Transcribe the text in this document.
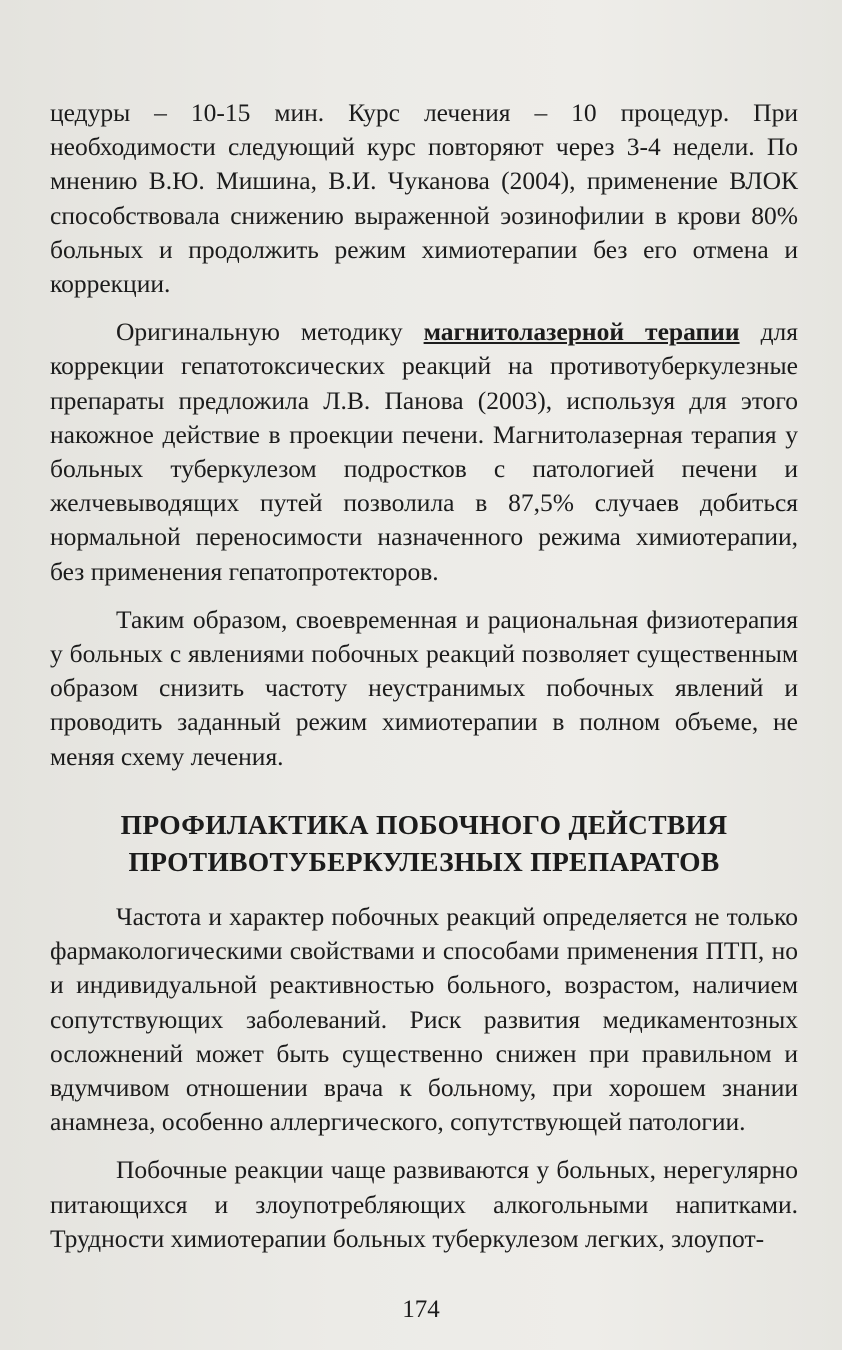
цедуры – 10-15 мин. Курс лечения – 10 процедур. При необходимости следующий курс повторяют через 3-4 недели. По мнению В.Ю. Мишина, В.И. Чуканова (2004), применение ВЛОК способствовала снижению выраженной эозинофилии в крови 80% больных и продолжить режим химиотерапии без его отмена и коррекции.

Оригинальную методику магнитолазерной терапии для коррекции гепатотоксических реакций на противотуберкулезные препараты предложила Л.В. Панова (2003), используя для этого накожное действие в проекции печени. Магнитолазерная терапия у больных туберкулезом подростков с патологией печени и желчевыводящих путей позволила в 87,5% случаев добиться нормальной переносимости назначенного режима химиотерапии, без применения гепатопротекторов.

Таким образом, своевременная и рациональная физиотерапия у больных с явлениями побочных реакций позволяет существенным образом снизить частоту неустранимых побочных явлений и проводить заданный режим химиотерапии в полном объеме, не меняя схему лечения.

ПРОФИЛАКТИКА ПОБОЧНОГО ДЕЙСТВИЯ
ПРОТИВОТУБЕРКУЛЕЗНЫХ ПРЕПАРАТОВ

Частота и характер побочных реакций определяется не только фармакологическими свойствами и способами применения ПТП, но и индивидуальной реактивностью больного, возрастом, наличием сопутствующих заболеваний. Риск развития медикаментозных осложнений может быть существенно снижен при правильном и вдумчивом отношении врача к больному, при хорошем знании анамнеза, особенно аллергического, сопутствующей патологии.

Побочные реакции чаще развиваются у больных, нерегулярно питающихся и злоупотребляющих алкогольными напитками. Трудности химиотерапии больных туберкулезом легких, злоупот-

174
